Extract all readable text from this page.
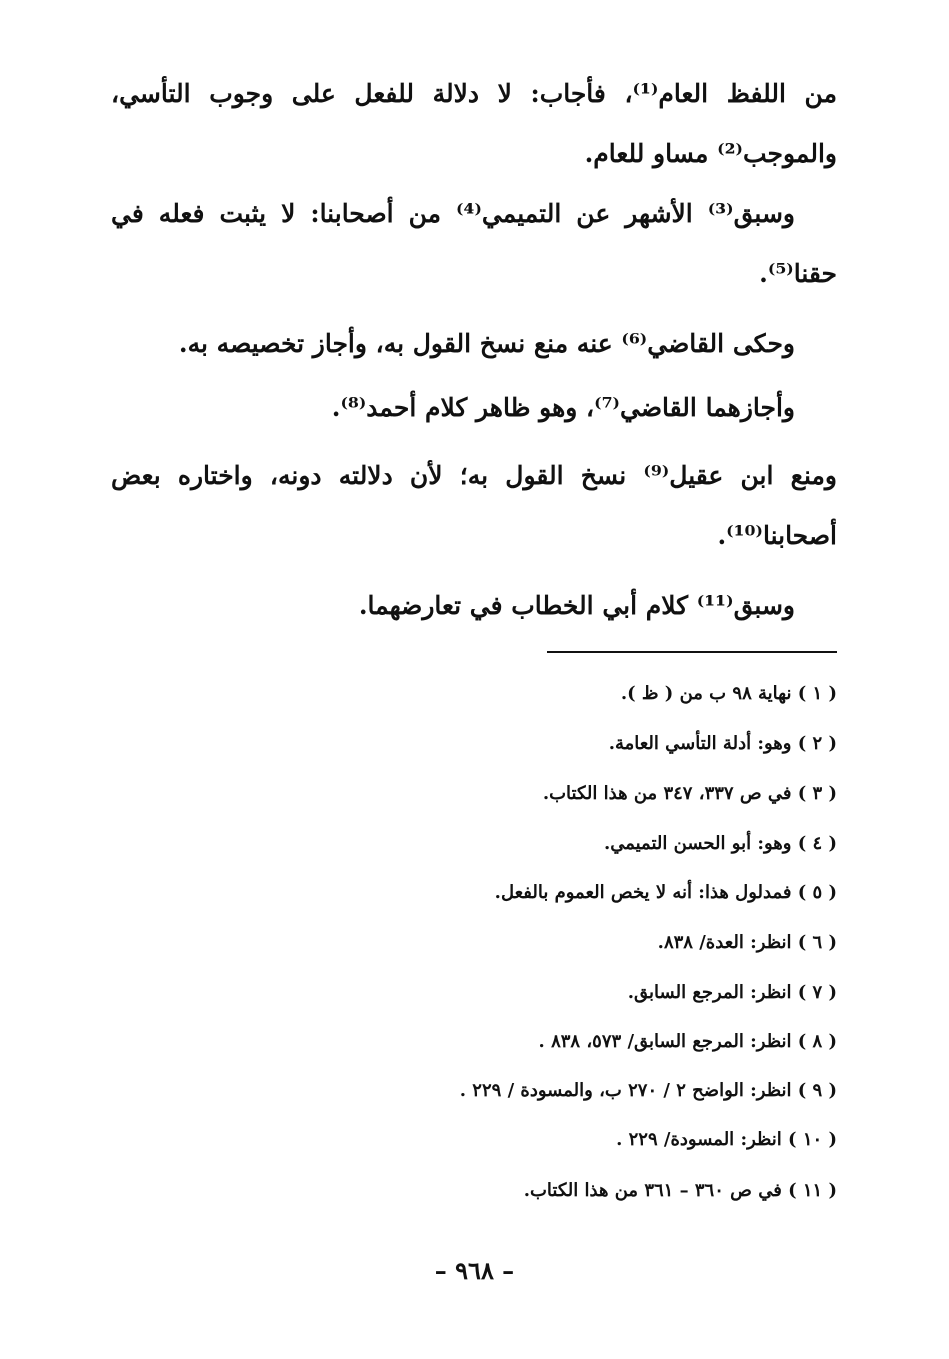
من اللفظ العام⁽¹⁾، فأجاب: لا دلالة للفعل على وجوب التأسي، والموجب⁽²⁾ مساو للعام.

وسبق⁽³⁾ الأشهر عن التميمي⁽⁴⁾ من أصحابنا: لا يثبت فعله في حقنا⁽⁵⁾.

وحكى القاضي⁽⁶⁾ عنه منع نسخ القول به، وأجاز تخصيصه به.

وأجازهما القاضي⁽⁷⁾، وهو ظاهر كلام أحمد⁽⁸⁾.

ومنع ابن عقيل⁽⁹⁾ نسخ القول به؛ لأن دلالته دونه، واختاره بعض أصحابنا⁽¹⁰⁾.

وسبق⁽¹¹⁾ كلام أبي الخطاب في تعارضهما.

( ١ ) نهاية ٩٨ ب من ( ظ ).

( ٢ ) وهو: أدلة التأسي العامة.

( ٣ ) في ص ٣٣٧، ٣٤٧ من هذا الكتاب.

( ٤ ) وهو: أبو الحسن التميمي.

( ٥ ) فمدلول هذا: أنه لا يخص العموم بالفعل.

( ٦ ) انظر: العدة/ ٨٣٨.

( ٧ ) انظر: المرجع السابق.

( ٨ ) انظر: المرجع السابق/ ٥٧٣، ٨٣٨ .

( ٩ ) انظر: الواضح ٢ / ٢٧٠ ب، والمسودة / ٢٢٩ .

( ١٠ ) انظر: المسودة/ ٢٢٩ .

( ١١ ) في ص ٣٦٠ – ٣٦١ من هذا الكتاب.

– ٩٦٨ –
